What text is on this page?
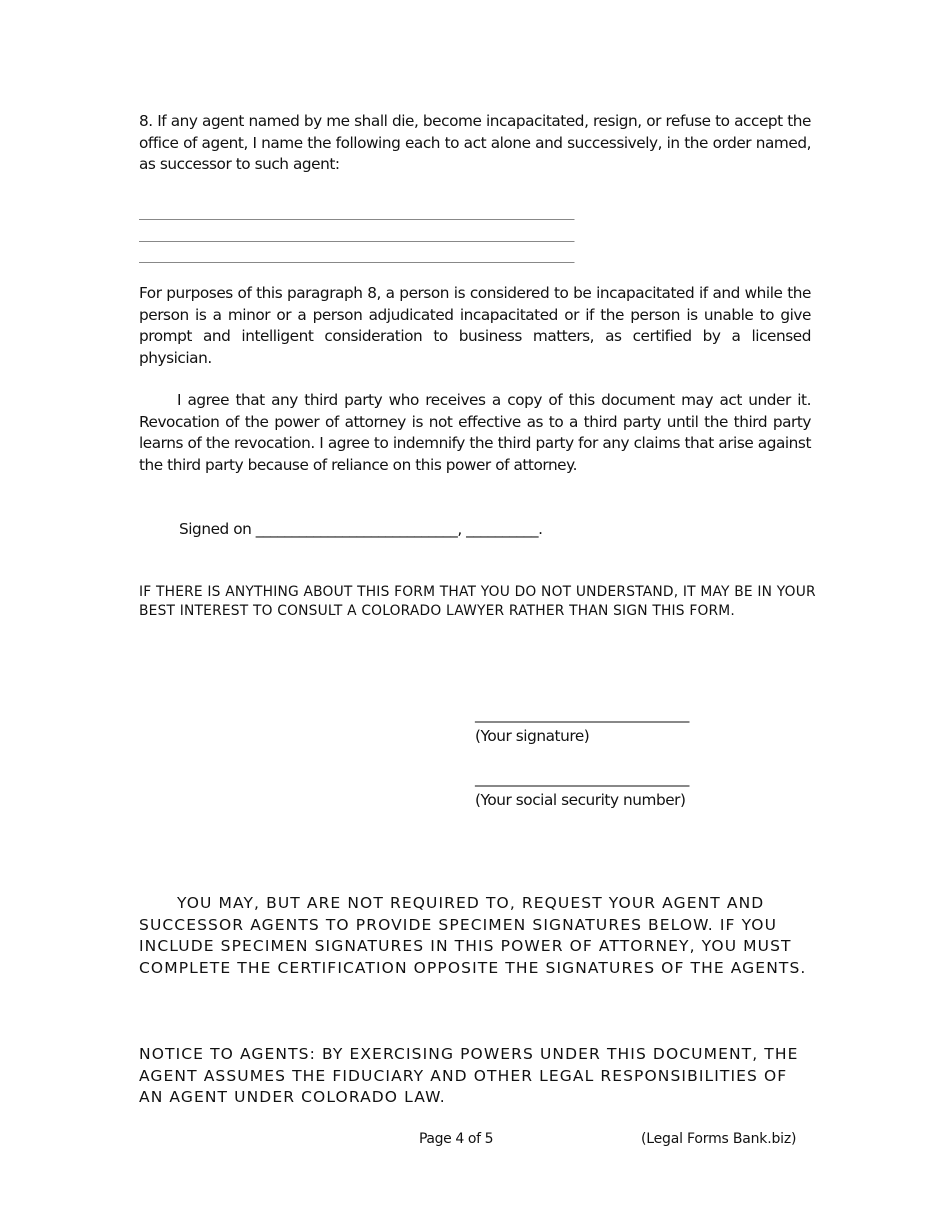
8. If any agent named by me shall die, become incapacitated, resign, or refuse to accept the office of agent, I name the following each to act alone and successively, in the order named, as successor to such agent:

_________________________________________________________________________

_________________________________________________________________________

_________________________________________________________________________

For purposes of this paragraph 8, a person is considered to be incapacitated if and while the person is a minor or a person adjudicated incapacitated or if the person is unable to give prompt and intelligent consideration to business matters, as certified by a licensed physician.

I agree that any third party who receives a copy of this document may act under it. Revocation of the power of attorney is not effective as to a third party until the third party learns of the revocation. I agree to indemnify the third party for any claims that arise against the third party because of reliance on this power of attorney.

Signed on ____________________________, __________.

IF THERE IS ANYTHING ABOUT THIS FORM THAT YOU DO NOT UNDERSTAND, IT MAY BE IN YOUR BEST INTEREST TO CONSULT A COLORADO LAWYER RATHER THAN SIGN THIS FORM.

___________________________________
(Your signature)
___________________________________
(Your social security number)

YOU MAY, BUT ARE NOT REQUIRED TO, REQUEST YOUR AGENT AND SUCCESSOR AGENTS TO PROVIDE SPECIMEN SIGNATURES BELOW. IF YOU INCLUDE SPECIMEN SIGNATURES IN THIS POWER OF ATTORNEY, YOU MUST COMPLETE THE CERTIFICATION OPPOSITE THE SIGNATURES OF THE AGENTS.

NOTICE TO AGENTS: BY EXERCISING POWERS UNDER THIS DOCUMENT, THE AGENT ASSUMES THE FIDUCIARY AND OTHER LEGAL RESPONSIBILITIES OF AN AGENT UNDER COLORADO LAW.

Page 4 of 5	(Legal Forms Bank.biz)
